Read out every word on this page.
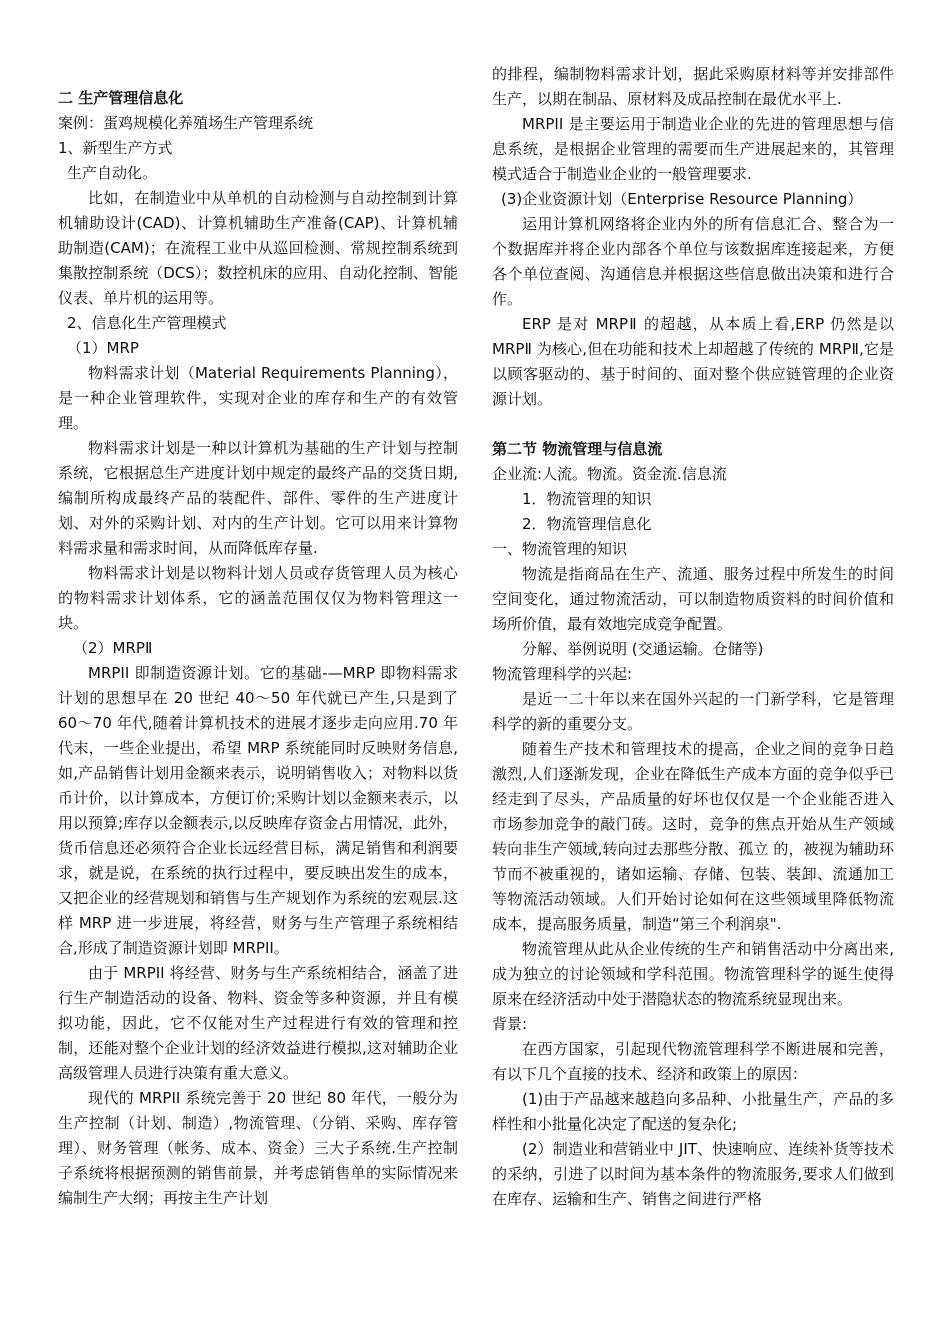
二 生产管理信息化

案例：蛋鸡规模化养殖场生产管理系统

1、新型生产方式

生产自动化。

比如，在制造业中从单机的自动检测与自动控制到计算机辅助设计(CAD)、计算机辅助生产准备(CAP)、计算机辅助制造(CAM)；在流程工业中从巡回检测、常规控制系统到集散控制系统（DCS）；数控机床的应用、自动化控制、智能仪表、单片机的运用等。

2、信息化生产管理模式

（1）MRP

物料需求计划（Material Requirements Planning），是一种企业管理软件，实现对企业的库存和生产的有效管理。

物料需求计划是一种以计算机为基础的生产计划与控制系统，它根据总生产进度计划中规定的最终产品的交货日期,编制所构成最终产品的装配件、部件、零件的生产进度计划、对外的采购计划、对内的生产计划。它可以用来计算物料需求量和需求时间，从而降低库存量.

物料需求计划是以物料计划人员或存货管理人员为核心的物料需求计划体系，它的涵盖范围仅仅为物料管理这一块。

（2）MRPⅡ

MRPII 即制造资源计划。它的基础-—MRP 即物料需求计划的思想早在 20 世纪 40～50 年代就已产生,只是到了 60～70 年代,随着计算机技术的进展才逐步走向应用.70 年代末，一些企业提出，希望 MRP 系统能同时反映财务信息,如,产品销售计划用金额来表示，说明销售收入；对物料以货币计价，以计算成本，方便订价;采购计划以金额来表示，以用以预算;库存以金额表示,以反映库存资金占用情况，此外，货币信息还必须符合企业长远经营目标，满足销售和利润要求，就是说，在系统的执行过程中，要反映出发生的成本，又把企业的经营规划和销售与生产规划作为系统的宏观层.这样 MRP 进一步进展，将经营，财务与生产管理子系统相结合,形成了制造资源计划即 MRPII。

由于 MRPII 将经营、财务与生产系统相结合，涵盖了进行生产制造活动的设备、物料、资金等多种资源，并且有模拟功能，因此，它不仅能对生产过程进行有效的管理和控制，还能对整个企业计划的经济效益进行模拟,这对辅助企业高级管理人员进行决策有重大意义。

现代的 MRPII 系统完善于 20 世纪 80 年代，一般分为生产控制（计划、制造）,物流管理、（分销、采购、库存管理）、财务管理（帐务、成本、资金）三大子系统.生产控制子系统将根据预测的销售前景，并考虑销售单的实际情况来编制生产大纲；再按主生产计划

的排程，编制物料需求计划，据此采购原材料等并安排部件生产，以期在制品、原材料及成品控制在最优水平上.

MRPII 是主要运用于制造业企业的先进的管理思想与信息系统，是根据企业管理的需要而生产进展起来的，其管理模式适合于制造业企业的一般管理要求.

(3)企业资源计划（Enterprise Resource Planning）

运用计算机网络将企业内外的所有信息汇合、整合为一个数据库并将企业内部各个单位与该数据库连接起来，方便各个单位查阅、沟通信息并根据这些信息做出决策和进行合作。

ERP 是对 MRPⅡ 的超越，从本质上看,ERP 仍然是以 MRPⅡ 为核心,但在功能和技术上却超越了传统的 MRPⅡ,它是以顾客驱动的、基于时间的、面对整个供应链管理的企业资源计划。

第二节 物流管理与信息流

企业流:人流。物流。资金流.信息流

1．物流管理的知识

2．物流管理信息化

一、物流管理的知识

物流是指商品在生产、流通、服务过程中所发生的时间空间变化，通过物流活动，可以制造物质资料的时间价值和场所价值，最有效地完成竞争配置。

分解、举例说明 (交通运输。仓储等)

物流管理科学的兴起:

是近一二十年以来在国外兴起的一门新学科，它是管理科学的新的重要分支。

随着生产技术和管理技术的提高，企业之间的竞争日趋激烈,人们逐渐发现，企业在降低生产成本方面的竞争似乎已经走到了尽头，产品质量的好坏也仅仅是一个企业能否进入市场参加竞争的敲门砖。这时，竞争的焦点开始从生产领域转向非生产领域,转向过去那些分散、孤立 的，被视为辅助环节而不被重视的，诸如运输、存储、包装、装卸、流通加工等物流活动领域。人们开始讨论如何在这些领域里降低物流成本，提高服务质量，制造“第三个利润泉".

物流管理从此从企业传统的生产和销售活动中分离出来,成为独立的讨论领域和学科范围。物流管理科学的诞生使得原来在经济活动中处于潜隐状态的物流系统显现出来。

背景:

在西方国家，引起现代物流管理科学不断进展和完善，有以下几个直接的技术、经济和政策上的原因：

(1)由于产品越来越趋向多品种、小批量生产，产品的多样性和小批量化决定了配送的复杂化;

(2）制造业和营销业中 JIT、快速响应、连续补货等技术的采纳，引进了以时间为基本条件的物流服务,要求人们做到在库存、运输和生产、销售之间进行严格
